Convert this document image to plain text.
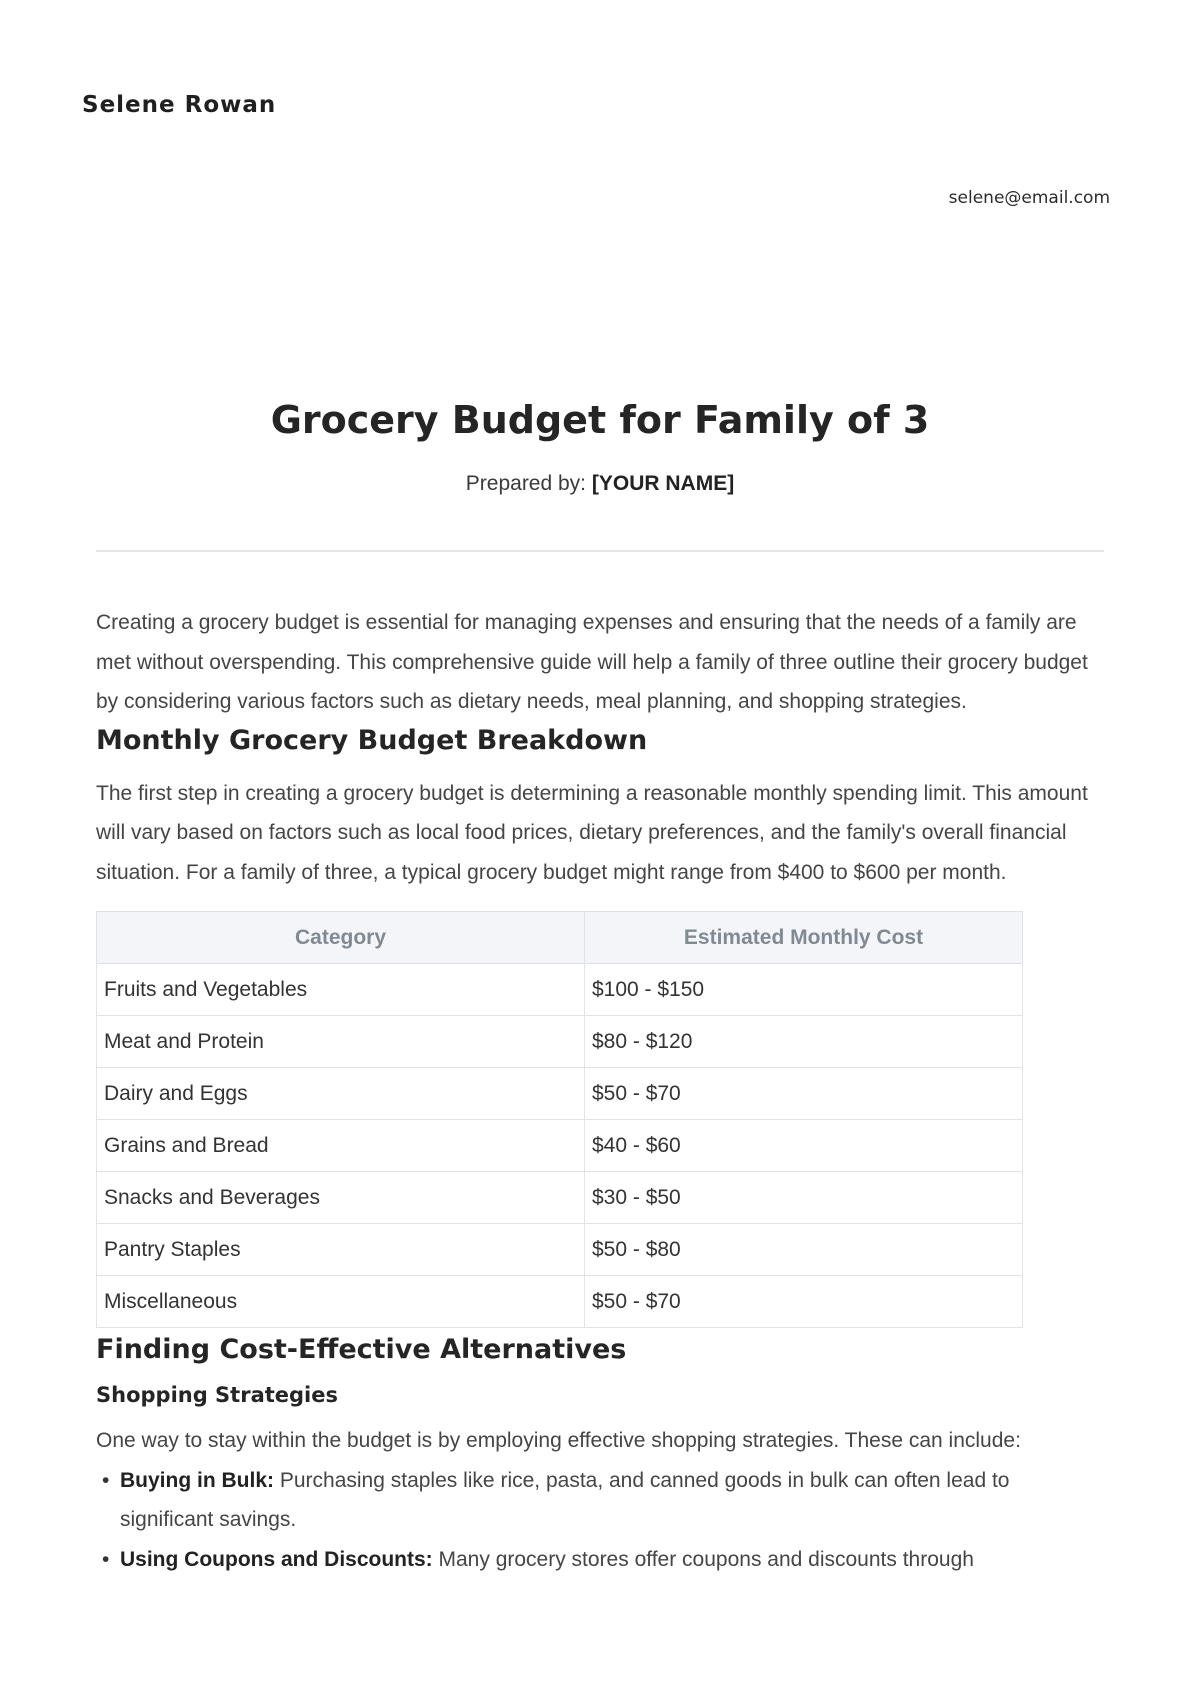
Selene Rowan
selene@email.com
Grocery Budget for Family of 3
Prepared by: [YOUR NAME]

Creating a grocery budget is essential for managing expenses and ensuring that the needs of a family are met without overspending. This comprehensive guide will help a family of three outline their grocery budget by considering various factors such as dietary needs, meal planning, and shopping strategies.

Monthly Grocery Budget Breakdown

The first step in creating a grocery budget is determining a reasonable monthly spending limit. This amount will vary based on factors such as local food prices, dietary preferences, and the family's overall financial situation. For a family of three, a typical grocery budget might range from $400 to $600 per month.

Category	Estimated Monthly Cost
Fruits and Vegetables	$100 - $150
Meat and Protein	$80 - $120
Dairy and Eggs	$50 - $70
Grains and Bread	$40 - $60
Snacks and Beverages	$30 - $50
Pantry Staples	$50 - $80
Miscellaneous	$50 - $70
Finding Cost-Effective Alternatives
Shopping Strategies

One way to stay within the budget is by employing effective shopping strategies. These can include:

• Buying in Bulk: Purchasing staples like rice, pasta, and canned goods in bulk can often lead to significant savings.
• Using Coupons and Discounts: Many grocery stores offer coupons and discounts through
